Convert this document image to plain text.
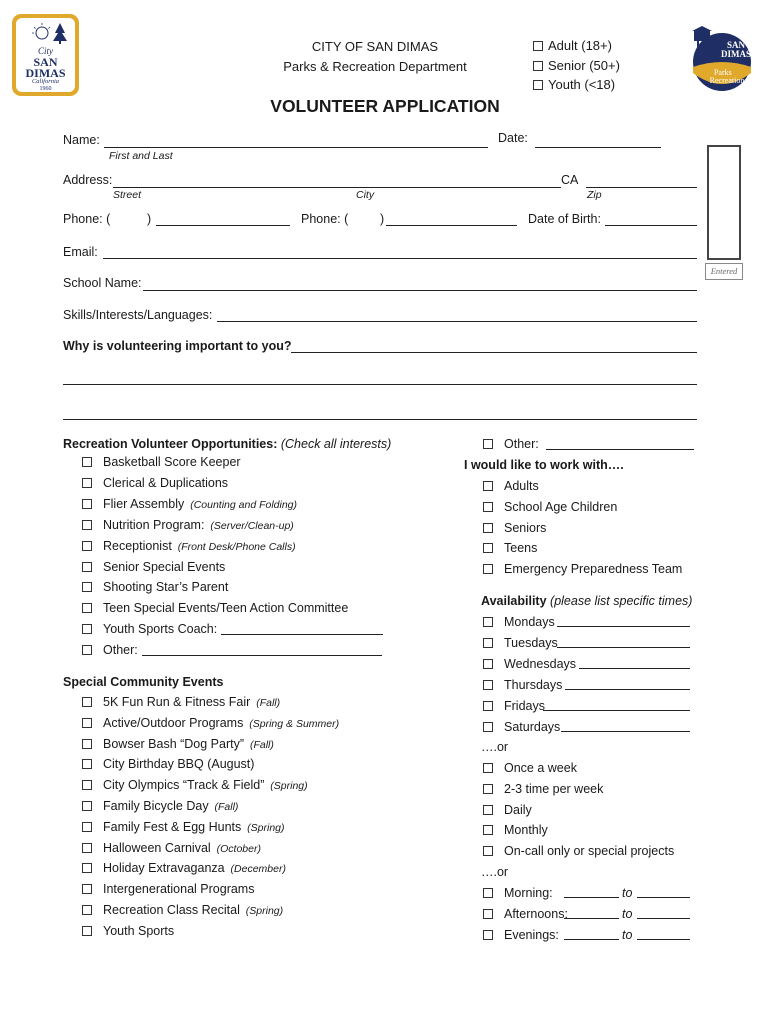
City
SAN
DIMAS
California
1960
CITY OF SAN DIMAS
Parks & Recreation Department
Adult (18+)
Senior (50+)
Youth (<18)
SAN
DIMAS
Parks of
Recreation
VOLUNTEER APPLICATION
Entered
Name:
First and Last
Date:
Address:	CA
Street	City	Zip
Phone: (	)	Phone: (	)	Date of Birth:
Email:
School Name:
Skills/Interests/Languages:
Why is volunteering important to you?
Recreation Volunteer Opportunities: (Check all interests)
Basketball Score Keeper
Clerical & Duplications
Flier Assembly (Counting and Folding)
Nutrition Program: (Server/Clean-up)
Receptionist (Front Desk/Phone Calls)
Senior Special Events
Shooting Star’s Parent
Teen Special Events/Teen Action Committee
Youth Sports Coach:
Other:
Special Community Events
5K Fun Run & Fitness Fair (Fall)
Active/Outdoor Programs (Spring & Summer)
Bowser Bash “Dog Party” (Fall)
City Birthday BBQ (August)
City Olympics “Track & Field” (Spring)
Family Bicycle Day (Fall)
Family Fest & Egg Hunts (Spring)
Halloween Carnival (October)
Holiday Extravaganza (December)
Intergenerational Programs
Recreation Class Recital (Spring)
Youth Sports
Other:
I would like to work with….
Adults
School Age Children
Seniors
Teens
Emergency Preparedness Team
Availability (please list specific times)
Mondays
Tuesdays
Wednesdays
Thursdays
Fridays
Saturdays
….or
Once a week
2-3 time per week
Daily
Monthly
On-call only or special projects
….or
Morning:	to
Afternoons:	to
Evenings:	to
